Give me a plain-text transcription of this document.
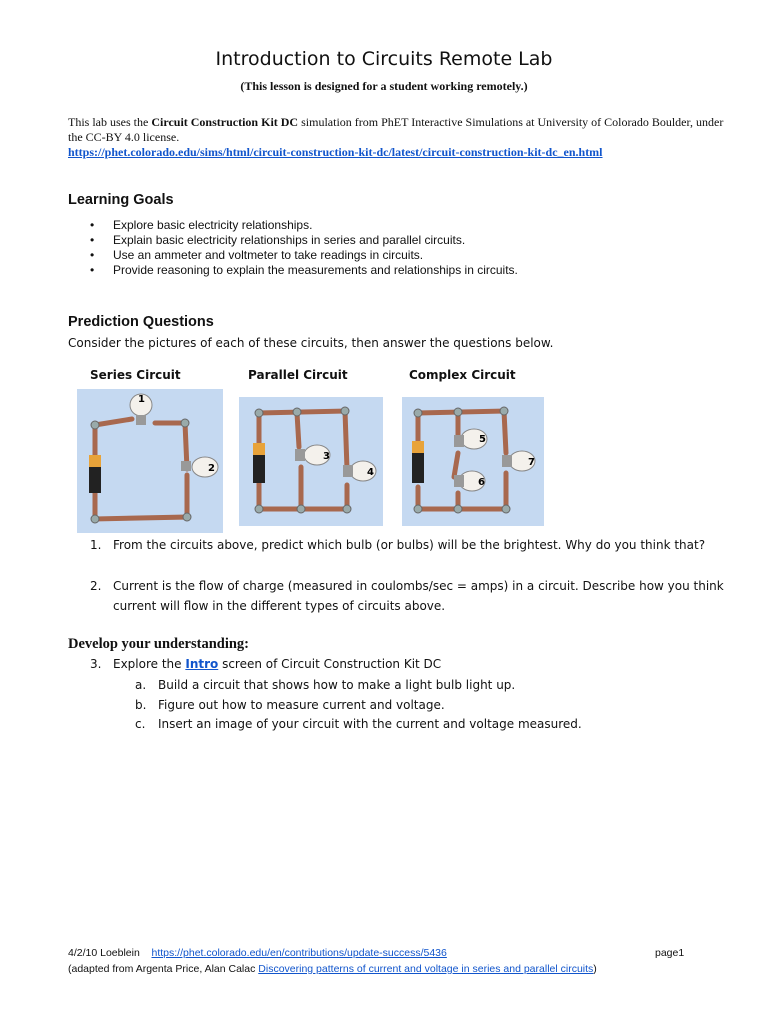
Introduction to Circuits Remote Lab
(This lesson is designed for a student working remotely.)
This lab uses the Circuit Construction Kit DC simulation from PhET Interactive Simulations at University of Colorado Boulder, under the CC-BY 4.0 license.
https://phet.colorado.edu/sims/html/circuit-construction-kit-dc/latest/circuit-construction-kit-dc_en.html
Learning Goals
• Explore basic electricity relationships.
• Explain basic electricity relationships in series and parallel circuits.
• Use an ammeter and voltmeter to take readings in circuits.
• Provide reasoning to explain the measurements and relationships in circuits.
Prediction Questions
Consider the pictures of each of these circuits, then answer the questions below.
Series Circuit	Parallel Circuit	Complex Circuit
1
2
3
4
5
6
7
1. From the circuits above, predict which bulb (or bulbs) will be the brightest. Why do you think that?
2. Current is the flow of charge (measured in coulombs/sec = amps) in a circuit. Describe how you think current will flow in the different types of circuits above.
Develop your understanding:
3. Explore the Intro screen of Circuit Construction Kit DC
a. Build a circuit that shows how to make a light bulb light up.
b. Figure out how to measure current and voltage.
c. Insert an image of your circuit with the current and voltage measured.
4/2/10 Loeblein https://phet.colorado.edu/en/contributions/update-success/5436	page1
(adapted from Argenta Price, Alan Calac Discovering patterns of current and voltage in series and parallel circuits)
